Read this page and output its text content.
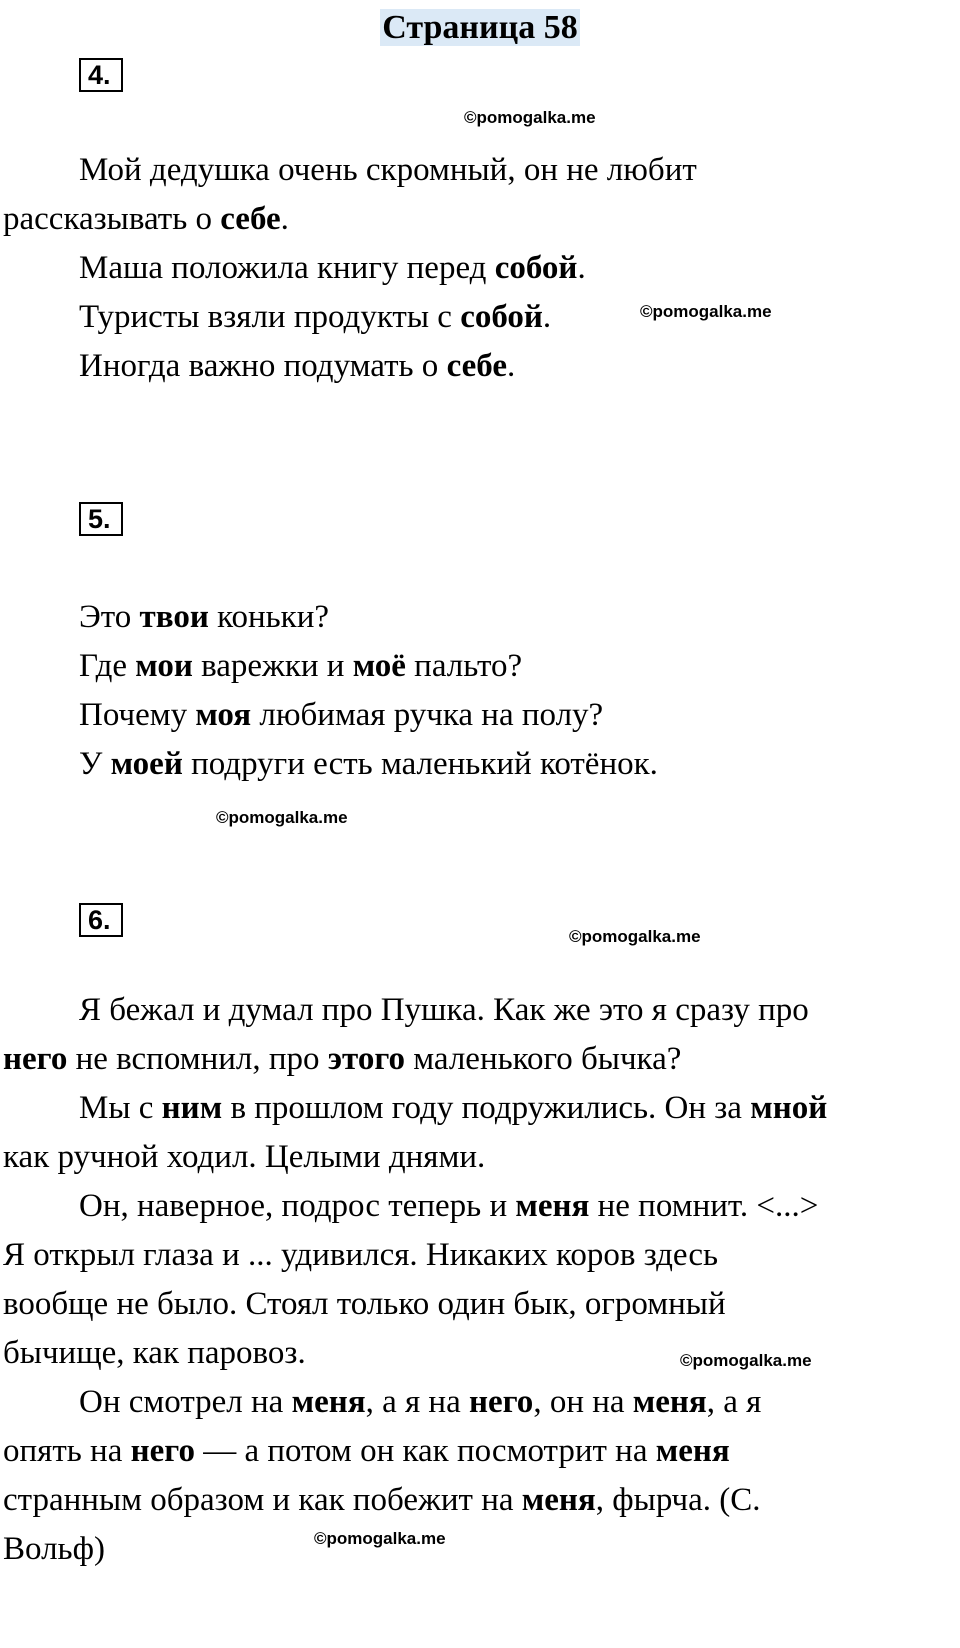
Страница 58
4.
©pomogalka.me
Мой дедушка очень скромный, он не любит
рассказывать о себе.
Маша положила книгу перед собой.
Туристы взяли продукты с собой.	©pomogalka.me
Иногда важно подумать о себе.
5.
Это твои коньки?
Где мои варежки и моё пальто?
Почему моя любимая ручка на полу?
У моей подруги есть маленький котёнок.
©pomogalka.me
6.
©pomogalka.me
Я бежал и думал про Пушка. Как же это я сразу про
него не вспомнил, про этого маленького бычка?
Мы с ним в прошлом году подружились. Он за мной
как ручной ходил. Целыми днями.
Он, наверное, подрос теперь и меня не помнит. <...>
Я открыл глаза и ... удивился. Никаких коров здесь
вообще не было. Стоял только один бык, огромный
бычище, как паровоз.	©pomogalka.me
Он смотрел на меня, а я на него, он на меня, а я
опять на него — а потом он как посмотрит на меня
странным образом и как побежит на меня, фырча. (С.
Вольф)	©pomogalka.me
